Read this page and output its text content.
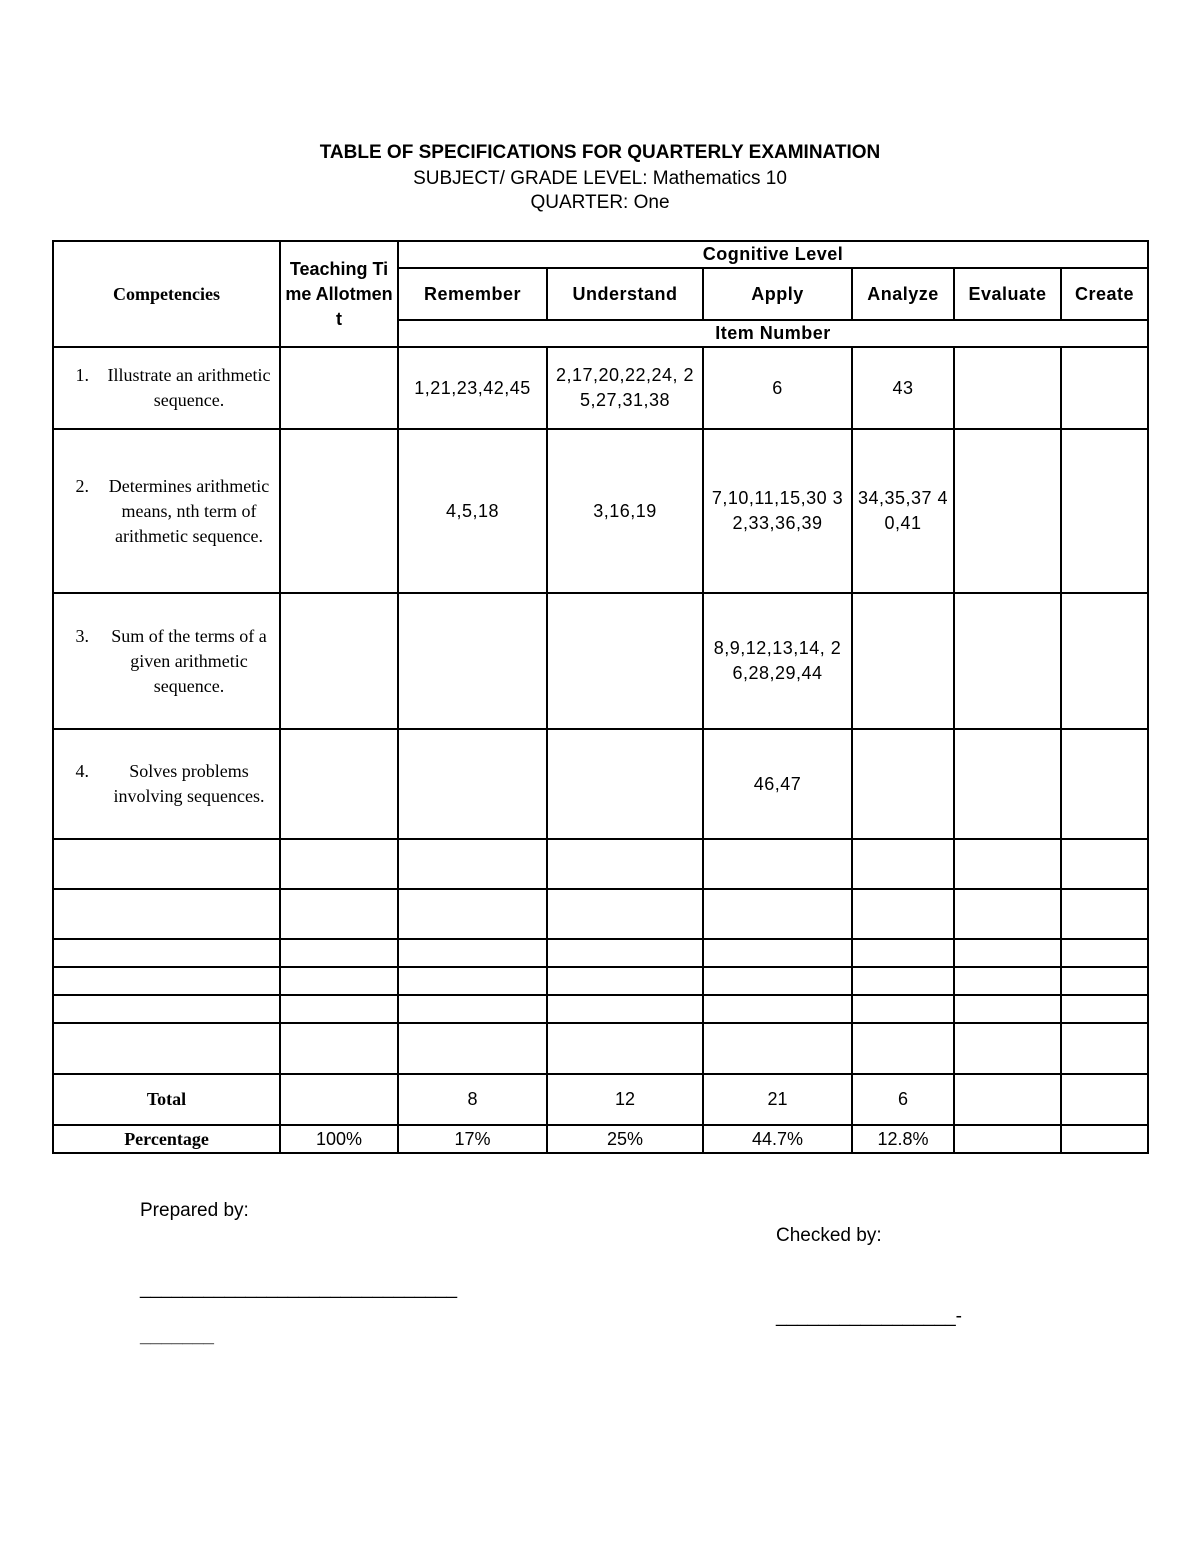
TABLE OF SPECIFICATIONS FOR QUARTERLY EXAMINATION
SUBJECT/ GRADE LEVEL: Mathematics 10
QUARTER: One
Competencies	Teaching Time Allotment	Cognitive Level					
		Remember	Understand	Apply	Analyze	Evaluate	Create
		Item Number					

1. Illustrate an arithmetic sequence.		1,21,23,42,45	2,17,20,22,24, 25,27,31,38	6	43		

2. Determines arithmetic means, nth term of arithmetic sequence.		4,5,18	3,16,19	7,10,11,15,30 32,33,36,39	34,35,37 40,41		

3. Sum of the terms of a given arithmetic sequence.				8,9,12,13,14, 26,28,29,44			

4. Solves problems involving sequences.				46,47			

Total		8	12	21	6		
Percentage	100%	17%	25%	44.7%	12.8%		
Prepared by:
______________________________
_______
Checked by:
_________________-
